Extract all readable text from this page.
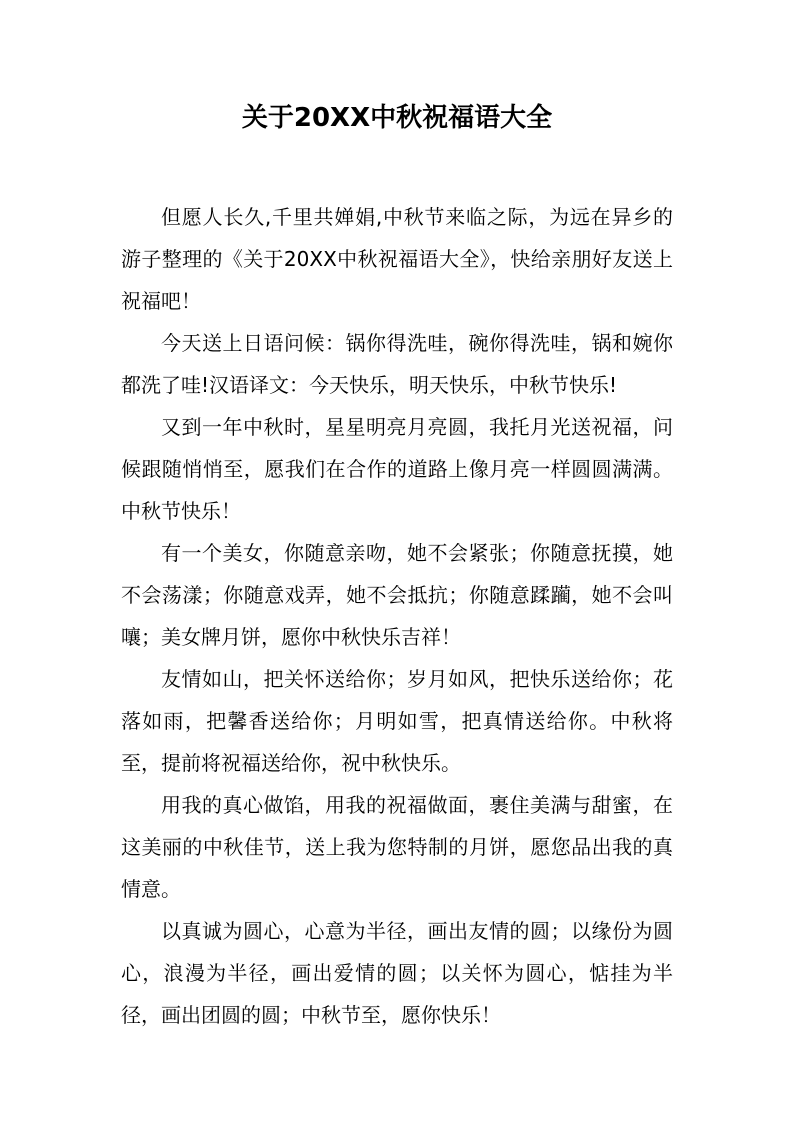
关于20XX中秋祝福语大全

但愿人长久,千里共婵娟,中秋节来临之际，为远在异乡的游子整理的《关于20XX中秋祝福语大全》，快给亲朋好友送上祝福吧！

今天送上日语问候：锅你得洗哇，碗你得洗哇，锅和婉你都洗了哇!汉语译文：今天快乐，明天快乐，中秋节快乐!

又到一年中秋时，星星明亮月亮圆，我托月光送祝福，问候跟随悄悄至，愿我们在合作的道路上像月亮一样圆圆满满。中秋节快乐！

有一个美女，你随意亲吻，她不会紧张；你随意抚摸，她不会荡漾；你随意戏弄，她不会抵抗；你随意蹂躏，她不会叫嚷；美女牌月饼，愿你中秋快乐吉祥！

友情如山，把关怀送给你；岁月如风，把快乐送给你；花落如雨，把馨香送给你；月明如雪，把真情送给你。中秋将至，提前将祝福送给你，祝中秋快乐。

用我的真心做馅，用我的祝福做面，裹住美满与甜蜜，在这美丽的中秋佳节，送上我为您特制的月饼，愿您品出我的真情意。

以真诚为圆心，心意为半径，画出友情的圆；以缘份为圆心，浪漫为半径，画出爱情的圆；以关怀为圆心，惦挂为半径，画出团圆的圆；中秋节至，愿你快乐！
